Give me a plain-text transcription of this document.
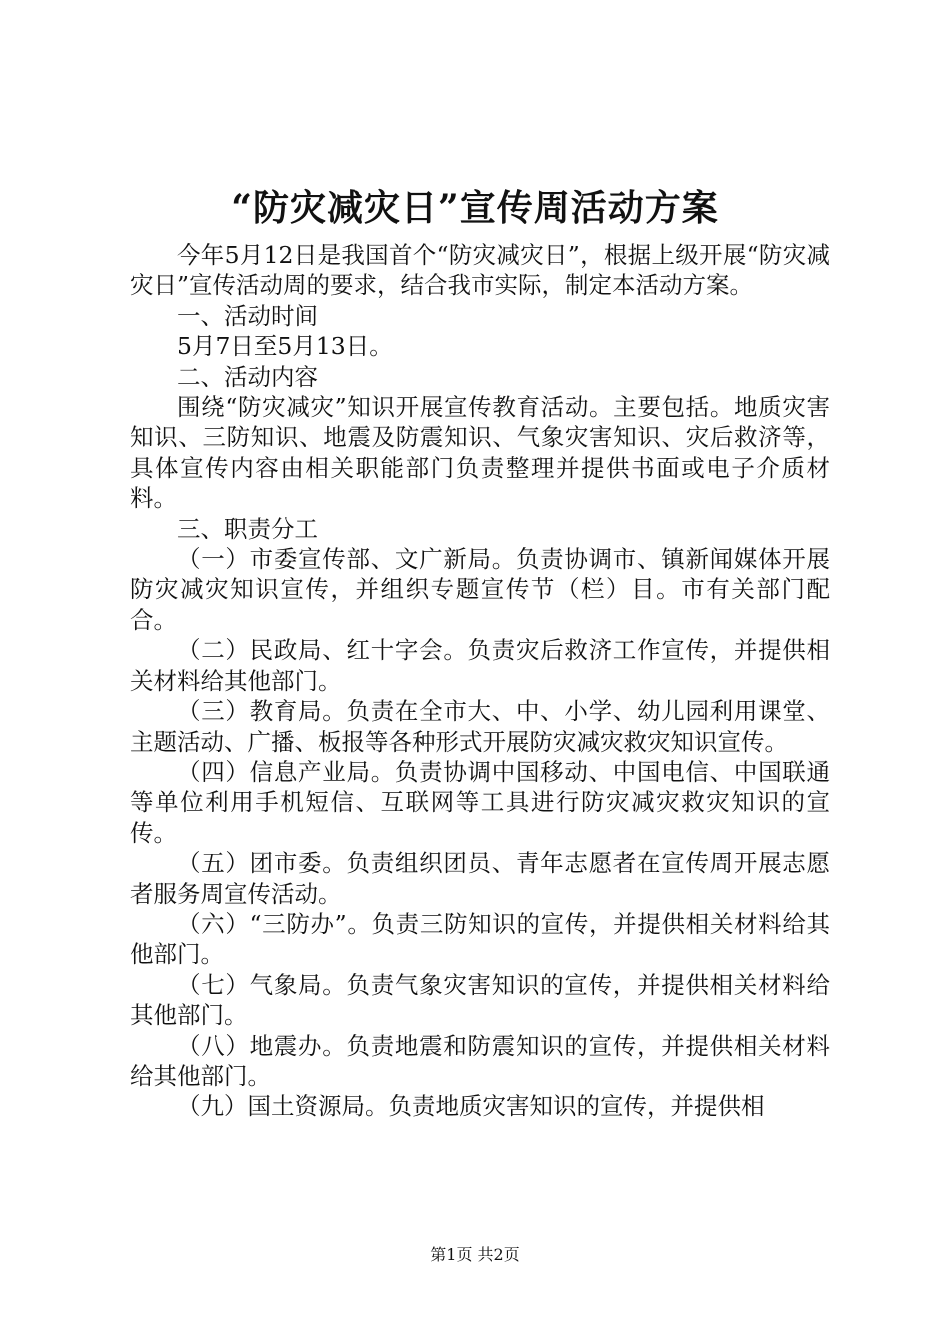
“防灾减灾日”宣传周活动方案

今年5月12日是我国首个“防灾减灾日”，根据上级开展“防灾减灾日”宣传活动周的要求，结合我市实际，制定本活动方案。

一、活动时间

5月7日至5月13日。

二、活动内容

围绕“防灾减灾”知识开展宣传教育活动。主要包括。地质灾害知识、三防知识、地震及防震知识、气象灾害知识、灾后救济等，具体宣传内容由相关职能部门负责整理并提供书面或电子介质材料。

三、职责分工

（一）市委宣传部、文广新局。负责协调市、镇新闻媒体开展防灾减灾知识宣传，并组织专题宣传节（栏）目。市有关部门配合。

（二）民政局、红十字会。负责灾后救济工作宣传，并提供相关材料给其他部门。

（三）教育局。负责在全市大、中、小学、幼儿园利用课堂、主题活动、广播、板报等各种形式开展防灾减灾救灾知识宣传。

（四）信息产业局。负责协调中国移动、中国电信、中国联通等单位利用手机短信、互联网等工具进行防灾减灾救灾知识的宣传。

（五）团市委。负责组织团员、青年志愿者在宣传周开展志愿者服务周宣传活动。

（六）“三防办”。负责三防知识的宣传，并提供相关材料给其他部门。

（七）气象局。负责气象灾害知识的宣传，并提供相关材料给其他部门。

（八）地震办。负责地震和防震知识的宣传，并提供相关材料给其他部门。

（九）国土资源局。负责地质灾害知识的宣传，并提供相

第1页 共2页
